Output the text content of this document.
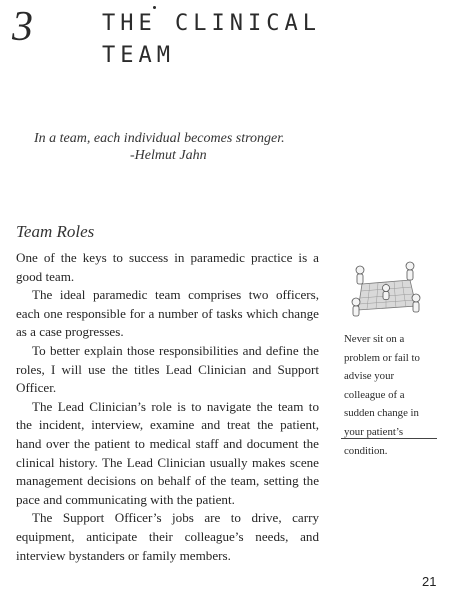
3	THE CLINICAL
TEAM
In a team, each individual becomes stronger.
-Helmut Jahn
Team Roles

One of the keys to success in paramedic practice is a good team.

The ideal paramedic team comprises two officers, each one responsible for a number of tasks which change as a case progresses.

To better explain those responsibilities and define the roles, I will use the titles Lead Clinician and Support Officer.

The Lead Clinician’s role is to navigate the team to the incident, interview, examine and treat the patient, hand over the patient to medical staff and document the clinical history. The Lead Clinician usually makes scene management decisions on behalf of the team, setting the pace and communicating with the patient.

The Support Officer’s jobs are to drive, carry equipment, anticipate their colleague’s needs, and interview bystanders or family members.

Never sit on a problem or fail to advise your colleague of a sudden change in your patient’s condition.
21
